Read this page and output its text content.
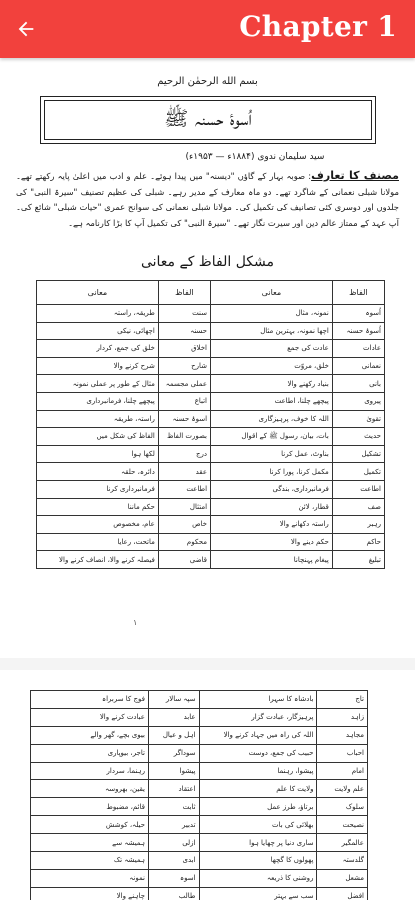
Chapter 1
بسم الله الرحمٰن الرحیم
اُسوۂ حسنہ ﷺ
سید سلیمان ندوی (۱۸۸۴ء — ۱۹۵۳ء)
مصنف کا تعارف: صوبہ بہار کے گاؤں "دیسنہ" میں پیدا ہوئے۔ علم و ادب میں اعلیٰ پایہ رکھتے تھے۔ مولانا شبلی نعمانی کے شاگرد تھے۔ دو ماہ معارف کے مدیر رہے۔ شبلی کی عظیم تصنیف "سیرۃ النبی" کی جلدوں اور دوسری کئی تصانیف کی تکمیل کی۔ مولانا شبلی نعمانی کی سوانح عمری "حیات شبلی" شائع کی۔ آپ عہد کے ممتاز عالم دین اور سیرت نگار تھے۔ "سیرۃ النبی" کی تکمیل آپ کا بڑا کارنامہ ہے۔
مشکل الفاظ کے معانی
الفاظ	معانی	الفاظ	معانی
اُسوہ	نمونہ، مثال	سنت	طریقہ، راستہ
اُسوۂ حسنہ	اچھا نمونہ، بہترین مثال	حسنہ	اچھائی، نیکی
عادات	عادت کی جمع	اخلاق	خلق کی جمع، کردار
نعمانی	خلق، مروّت	شارح	شرح کرنے والا
بانی	بنیاد رکھنے والا	عملی مجسمہ	مثال کے طور پر عملی نمونہ
پیروی	پیچھے چلنا، اطاعت	اتباع	پیچھے چلنا، فرمانبرداری
تقویٰ	اللہ کا خوف، پرہیزگاری	اسوۂ حسنہ	راستہ، طریقہ
حدیث	بات، بیان، رسول ﷺ کے اقوال	بصورت الفاظ	الفاظ کی شکل میں
تشکیل	بناوٹ، عمل کرنا	درج	لکھا ہوا
تکمیل	مکمل کرنا، پورا کرنا	عقد	دائرہ، حلقہ
اطاعت	فرمانبرداری، بندگی	اطاعت	فرمانبرداری کرنا
صف	قطار، لائن	امتثال	حکم ماننا
رہبر	راستہ دکھانے والا	خاص	عام، مخصوص
حاکم	حکم دینے والا	محکوم	ماتحت، رعایا
تبلیغ	پیغام پہنچانا	قاضی	فیصلہ کرنے والا، انصاف کرنے والا
۱
تاج	بادشاہ کا سہرا	سپہ سالار	فوج کا سربراہ
زاہد	پرہیزگار، عبادت گزار	عابد	عبادت کرنے والا
مجاہد	اللہ کی راہ میں جہاد کرنے والا	اہل و عیال	بیوی بچے، گھر والے
احباب	حبیب کی جمع، دوست	سوداگر	تاجر، بیوپاری
امام	پیشوا، رہنما	پیشوا	رہنما، سردار
علم ولایت	ولایت کا علم	اعتقاد	یقین، بھروسہ
سلوک	برتاؤ، طرز عمل	ثابت	قائم، مضبوط
نصیحت	بھلائی کی بات	تدبیر	حیلہ، کوشش
عالمگیر	ساری دنیا پر چھایا ہوا	ازلی	ہمیشہ سے
گلدستہ	پھولوں کا گچھا	ابدی	ہمیشہ تک
مشعل	روشنی کا ذریعہ	اسوہ	نمونہ
افضل	سب سے بہتر	طالب	چاہنے والا
